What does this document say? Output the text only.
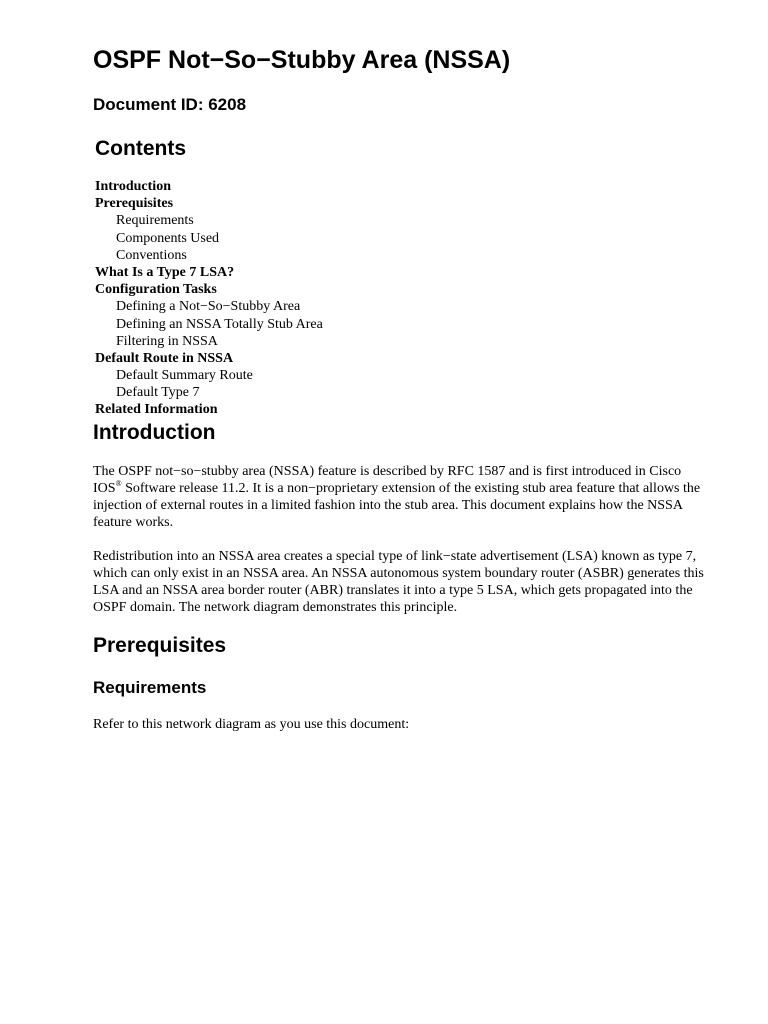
OSPF Not−So−Stubby Area (NSSA)
Document ID: 6208
Contents
Introduction
Prerequisites
Requirements
Components Used
Conventions
What Is a Type 7 LSA?
Configuration Tasks
Defining a Not−So−Stubby Area
Defining an NSSA Totally Stub Area
Filtering in NSSA
Default Route in NSSA
Default Summary Route
Default Type 7
Related Information
Introduction
The OSPF not−so−stubby area (NSSA) feature is described by RFC 1587 and is first introduced in Cisco
IOS® Software release 11.2. It is a non−proprietary extension of the existing stub area feature that allows the
injection of external routes in a limited fashion into the stub area. This document explains how the NSSA
feature works.
Redistribution into an NSSA area creates a special type of link−state advertisement (LSA) known as type 7,
which can only exist in an NSSA area. An NSSA autonomous system boundary router (ASBR) generates this
LSA and an NSSA area border router (ABR) translates it into a type 5 LSA, which gets propagated into the
OSPF domain. The network diagram demonstrates this principle.
Prerequisites
Requirements
Refer to this network diagram as you use this document:
